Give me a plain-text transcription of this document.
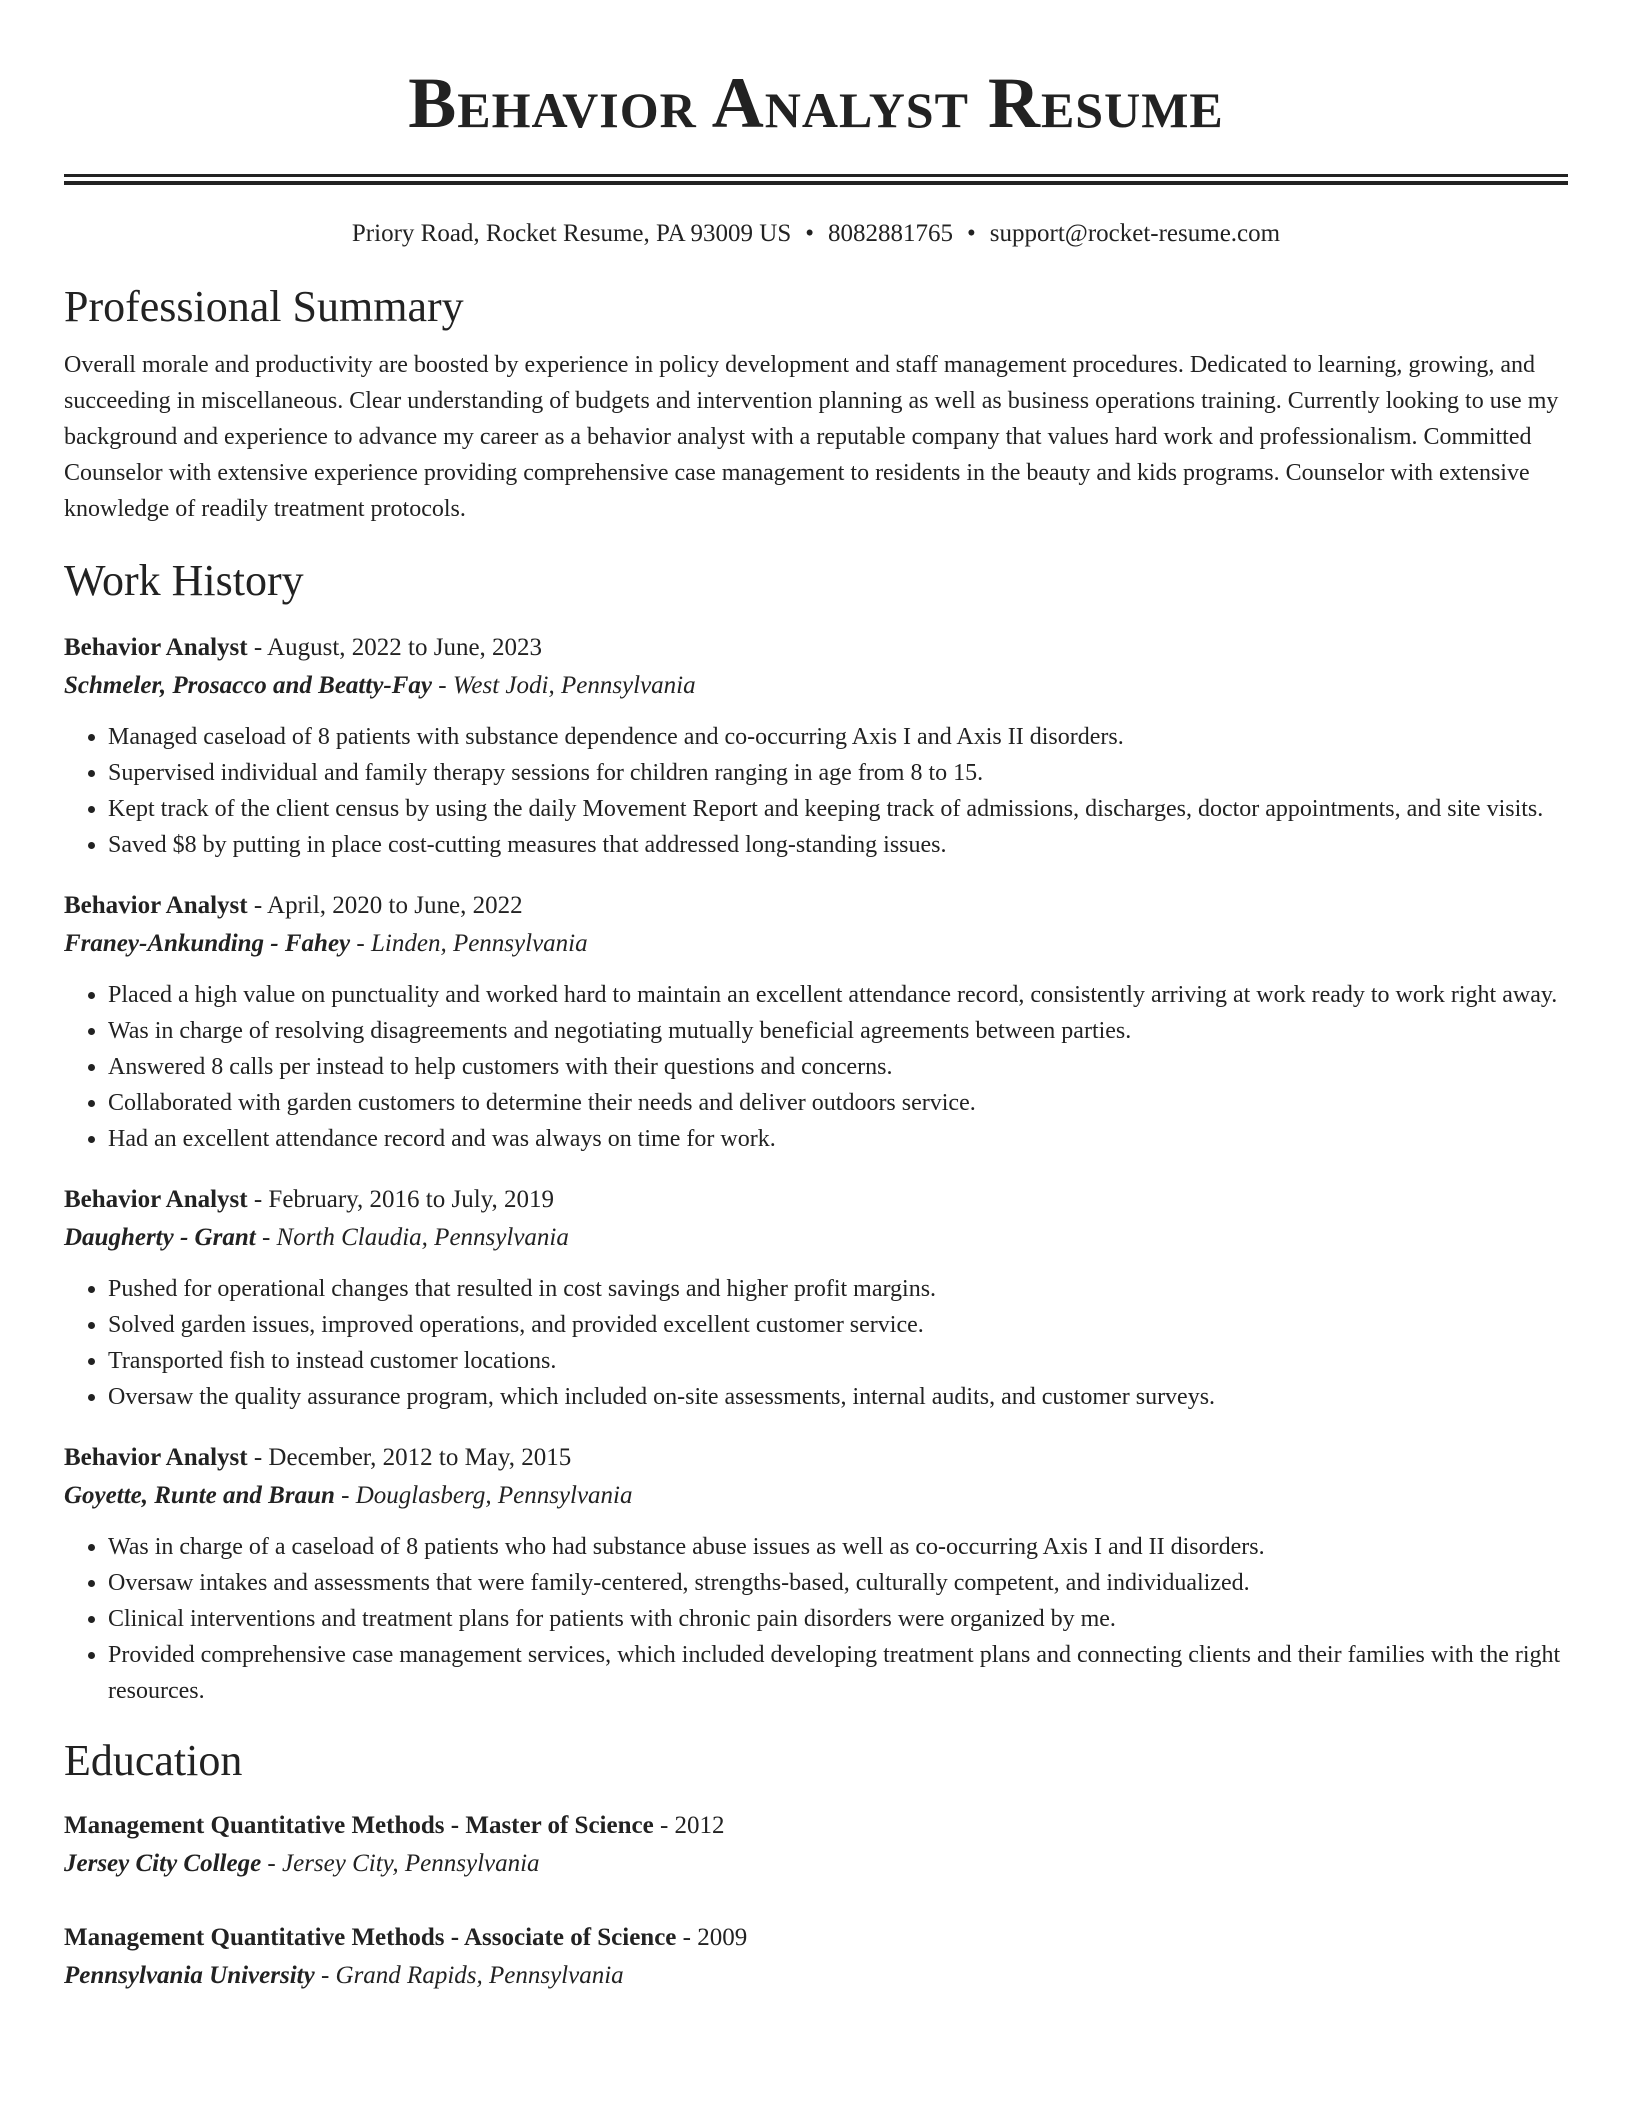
Behavior Analyst Resume
Priory Road, Rocket Resume, PA 93009 US • 8082881765 • support@rocket-resume.com
Professional Summary

Overall morale and productivity are boosted by experience in policy development and staff management procedures. Dedicated to learning, growing, and succeeding in miscellaneous. Clear understanding of budgets and intervention planning as well as business operations training. Currently looking to use my background and experience to advance my career as a behavior analyst with a reputable company that values hard work and professionalism. Committed Counselor with extensive experience providing comprehensive case management to residents in the beauty and kids programs. Counselor with extensive knowledge of readily treatment protocols.

Work History
Behavior Analyst - August, 2022 to June, 2023
Schmeler, Prosacco and Beatty-Fay - West Jodi, Pennsylvania
• Managed caseload of 8 patients with substance dependence and co-occurring Axis I and Axis II disorders.
• Supervised individual and family therapy sessions for children ranging in age from 8 to 15.
• Kept track of the client census by using the daily Movement Report and keeping track of admissions, discharges, doctor appointments, and site visits.
• Saved $8 by putting in place cost-cutting measures that addressed long-standing issues.
Behavior Analyst - April, 2020 to June, 2022
Franey-Ankunding - Fahey - Linden, Pennsylvania
• Placed a high value on punctuality and worked hard to maintain an excellent attendance record, consistently arriving at work ready to work right away.
• Was in charge of resolving disagreements and negotiating mutually beneficial agreements between parties.
• Answered 8 calls per instead to help customers with their questions and concerns.
• Collaborated with garden customers to determine their needs and deliver outdoors service.
• Had an excellent attendance record and was always on time for work.
Behavior Analyst - February, 2016 to July, 2019
Daugherty - Grant - North Claudia, Pennsylvania
• Pushed for operational changes that resulted in cost savings and higher profit margins.
• Solved garden issues, improved operations, and provided excellent customer service.
• Transported fish to instead customer locations.
• Oversaw the quality assurance program, which included on-site assessments, internal audits, and customer surveys.
Behavior Analyst - December, 2012 to May, 2015
Goyette, Runte and Braun - Douglasberg, Pennsylvania
• Was in charge of a caseload of 8 patients who had substance abuse issues as well as co-occurring Axis I and II disorders.
• Oversaw intakes and assessments that were family-centered, strengths-based, culturally competent, and individualized.
• Clinical interventions and treatment plans for patients with chronic pain disorders were organized by me.
• Provided comprehensive case management services, which included developing treatment plans and connecting clients and their families with the right resources.
Education
Management Quantitative Methods - Master of Science - 2012
Jersey City College - Jersey City, Pennsylvania
Management Quantitative Methods - Associate of Science - 2009
Pennsylvania University - Grand Rapids, Pennsylvania
